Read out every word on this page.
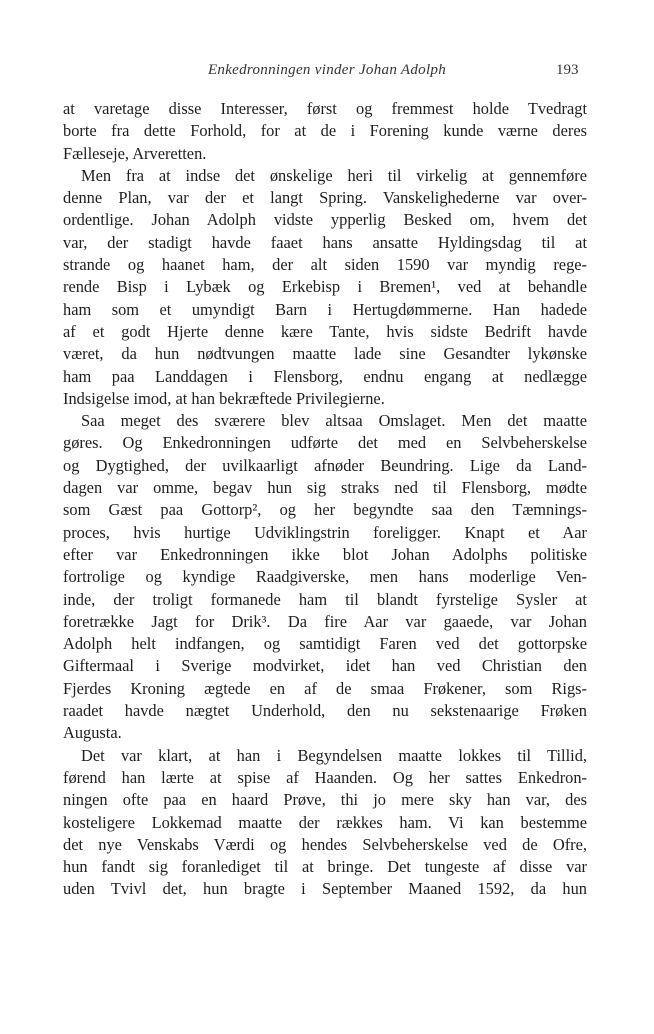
Enkedronningen vinder Johan Adolph	193
at varetage disse Interesser, først og fremmest holde Tvedragt
borte fra dette Forhold, for at de i Forening kunde værne deres
Fælleseje, Arveretten.
Men fra at indse det ønskelige heri til virkelig at gennemføre
denne Plan, var der et langt Spring. Vanskelighederne var over-
ordentlige. Johan Adolph vidste ypperlig Besked om, hvem det
var, der stadigt havde faaet hans ansatte Hyldingsdag til at
strande og haanet ham, der alt siden 1590 var myndig rege-
rende Bisp i Lybæk og Erkebisp i Bremen¹, ved at behandle
ham som et umyndigt Barn i Hertugdømmerne. Han hadede
af et godt Hjerte denne kære Tante, hvis sidste Bedrift havde
været, da hun nødtvungen maatte lade sine Gesandter lykønske
ham paa Landdagen i Flensborg, endnu engang at nedlægge
Indsigelse imod, at han bekræftede Privilegierne.
Saa meget des sværere blev altsaa Omslaget. Men det maatte
gøres. Og Enkedronningen udførte det med en Selvbeherskelse
og Dygtighed, der uvilkaarligt afnøder Beundring. Lige da Land-
dagen var omme, begav hun sig straks ned til Flensborg, mødte
som Gæst paa Gottorp², og her begyndte saa den Tæmnings-
proces, hvis hurtige Udviklingstrin foreligger. Knapt et Aar
efter var Enkedronningen ikke blot Johan Adolphs politiske
fortrolige og kyndige Raadgiverske, men hans moderlige Ven-
inde, der troligt formanede ham til blandt fyrstelige Sysler at
foretrække Jagt for Drik³. Da fire Aar var gaaede, var Johan
Adolph helt indfangen, og samtidigt Faren ved det gottorpske
Giftermaal i Sverige modvirket, idet han ved Christian den
Fjerdes Kroning ægtede en af de smaa Frøkener, som Rigs-
raadet havde nægtet Underhold, den nu sekstenaarige Frøken
Augusta.
Det var klart, at han i Begyndelsen maatte lokkes til Tillid,
førend han lærte at spise af Haanden. Og her sattes Enkedron-
ningen ofte paa en haard Prøve, thi jo mere sky han var, des
kosteligere Lokkemad maatte der rækkes ham. Vi kan bestemme
det nye Venskabs Værdi og hendes Selvbeherskelse ved de Ofre,
hun fandt sig foranlediget til at bringe. Det tungeste af disse var
uden Tvivl det, hun bragte i September Maaned 1592, da hun
